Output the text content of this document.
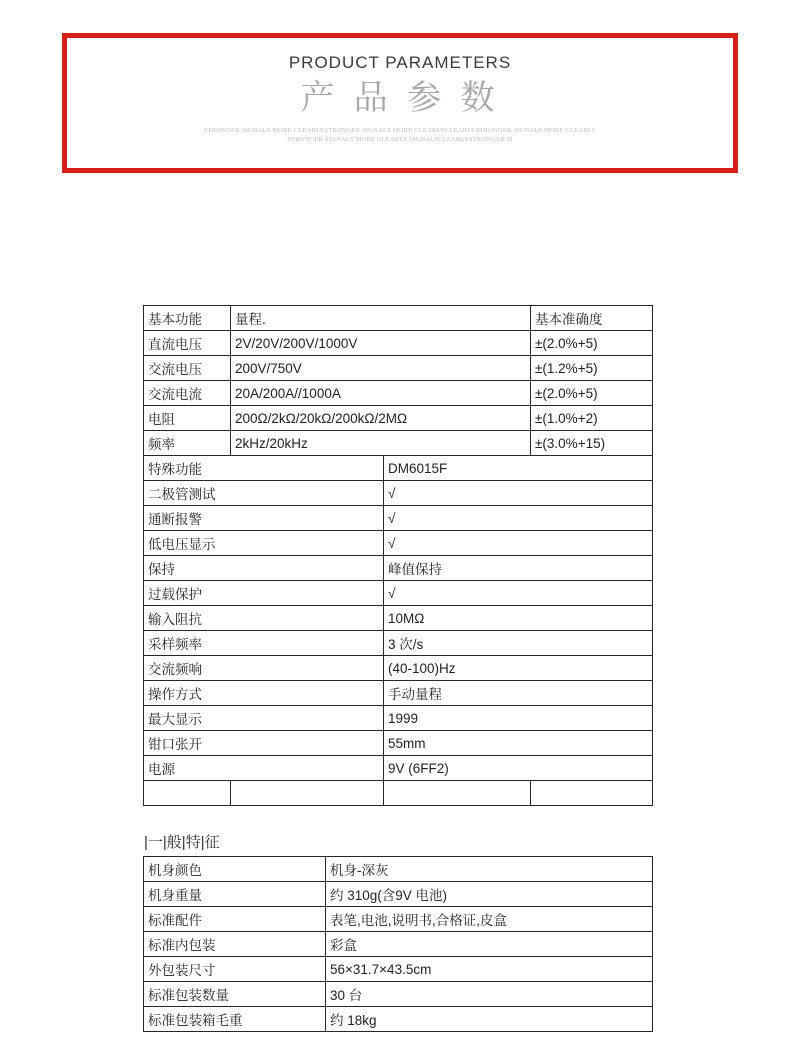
PRODUCT PARAMETERS
产 品 参 数
STRONGER SIGNALS MORE CLEARLYSTRONGER SIGNALS MORE CLEARLYCLEARLYSTRONGER SIGNALS MORE CLEARLY
STRONGER SIGNALS MORE CLEARLY SIGNALSCLEARLYSTRONGER SI
基本功能	量程.		基本准确度
直流电压	2V/20V/200V/1000V		±(2.0%+5)
交流电压	200V/750V		±(1.2%+5)
交流电流	20A/200A//1000A		±(2.0%+5)
电阻	200Ω/2kΩ/20kΩ/200kΩ/2MΩ		±(1.0%+2)
频率	2kHz/20kHz		±(3.0%+15)
特殊功能		DM6015F	
二极管测试		√	
通断报警		√	
低电压显示		√	
保持		峰值保持	
过载保护		√	
输入阻抗		10MΩ	
采样频率		3 次/s	
交流频响		(40-100)Hz	
操作方式		手动量程	
最大显示		1999	
钳口张开		55mm	
电源		9V (6FF2)	

|一|般|特|征
机身颜色	机身-深灰
机身重量	约 310g(含9V 电池)
标准配件	表笔,电池,说明书,合格证,皮盒
标准内包装	彩盒
外包装尺寸	56×31.7×43.5cm
标准包装数量	30 台
标准包装箱毛重	约 18kg
